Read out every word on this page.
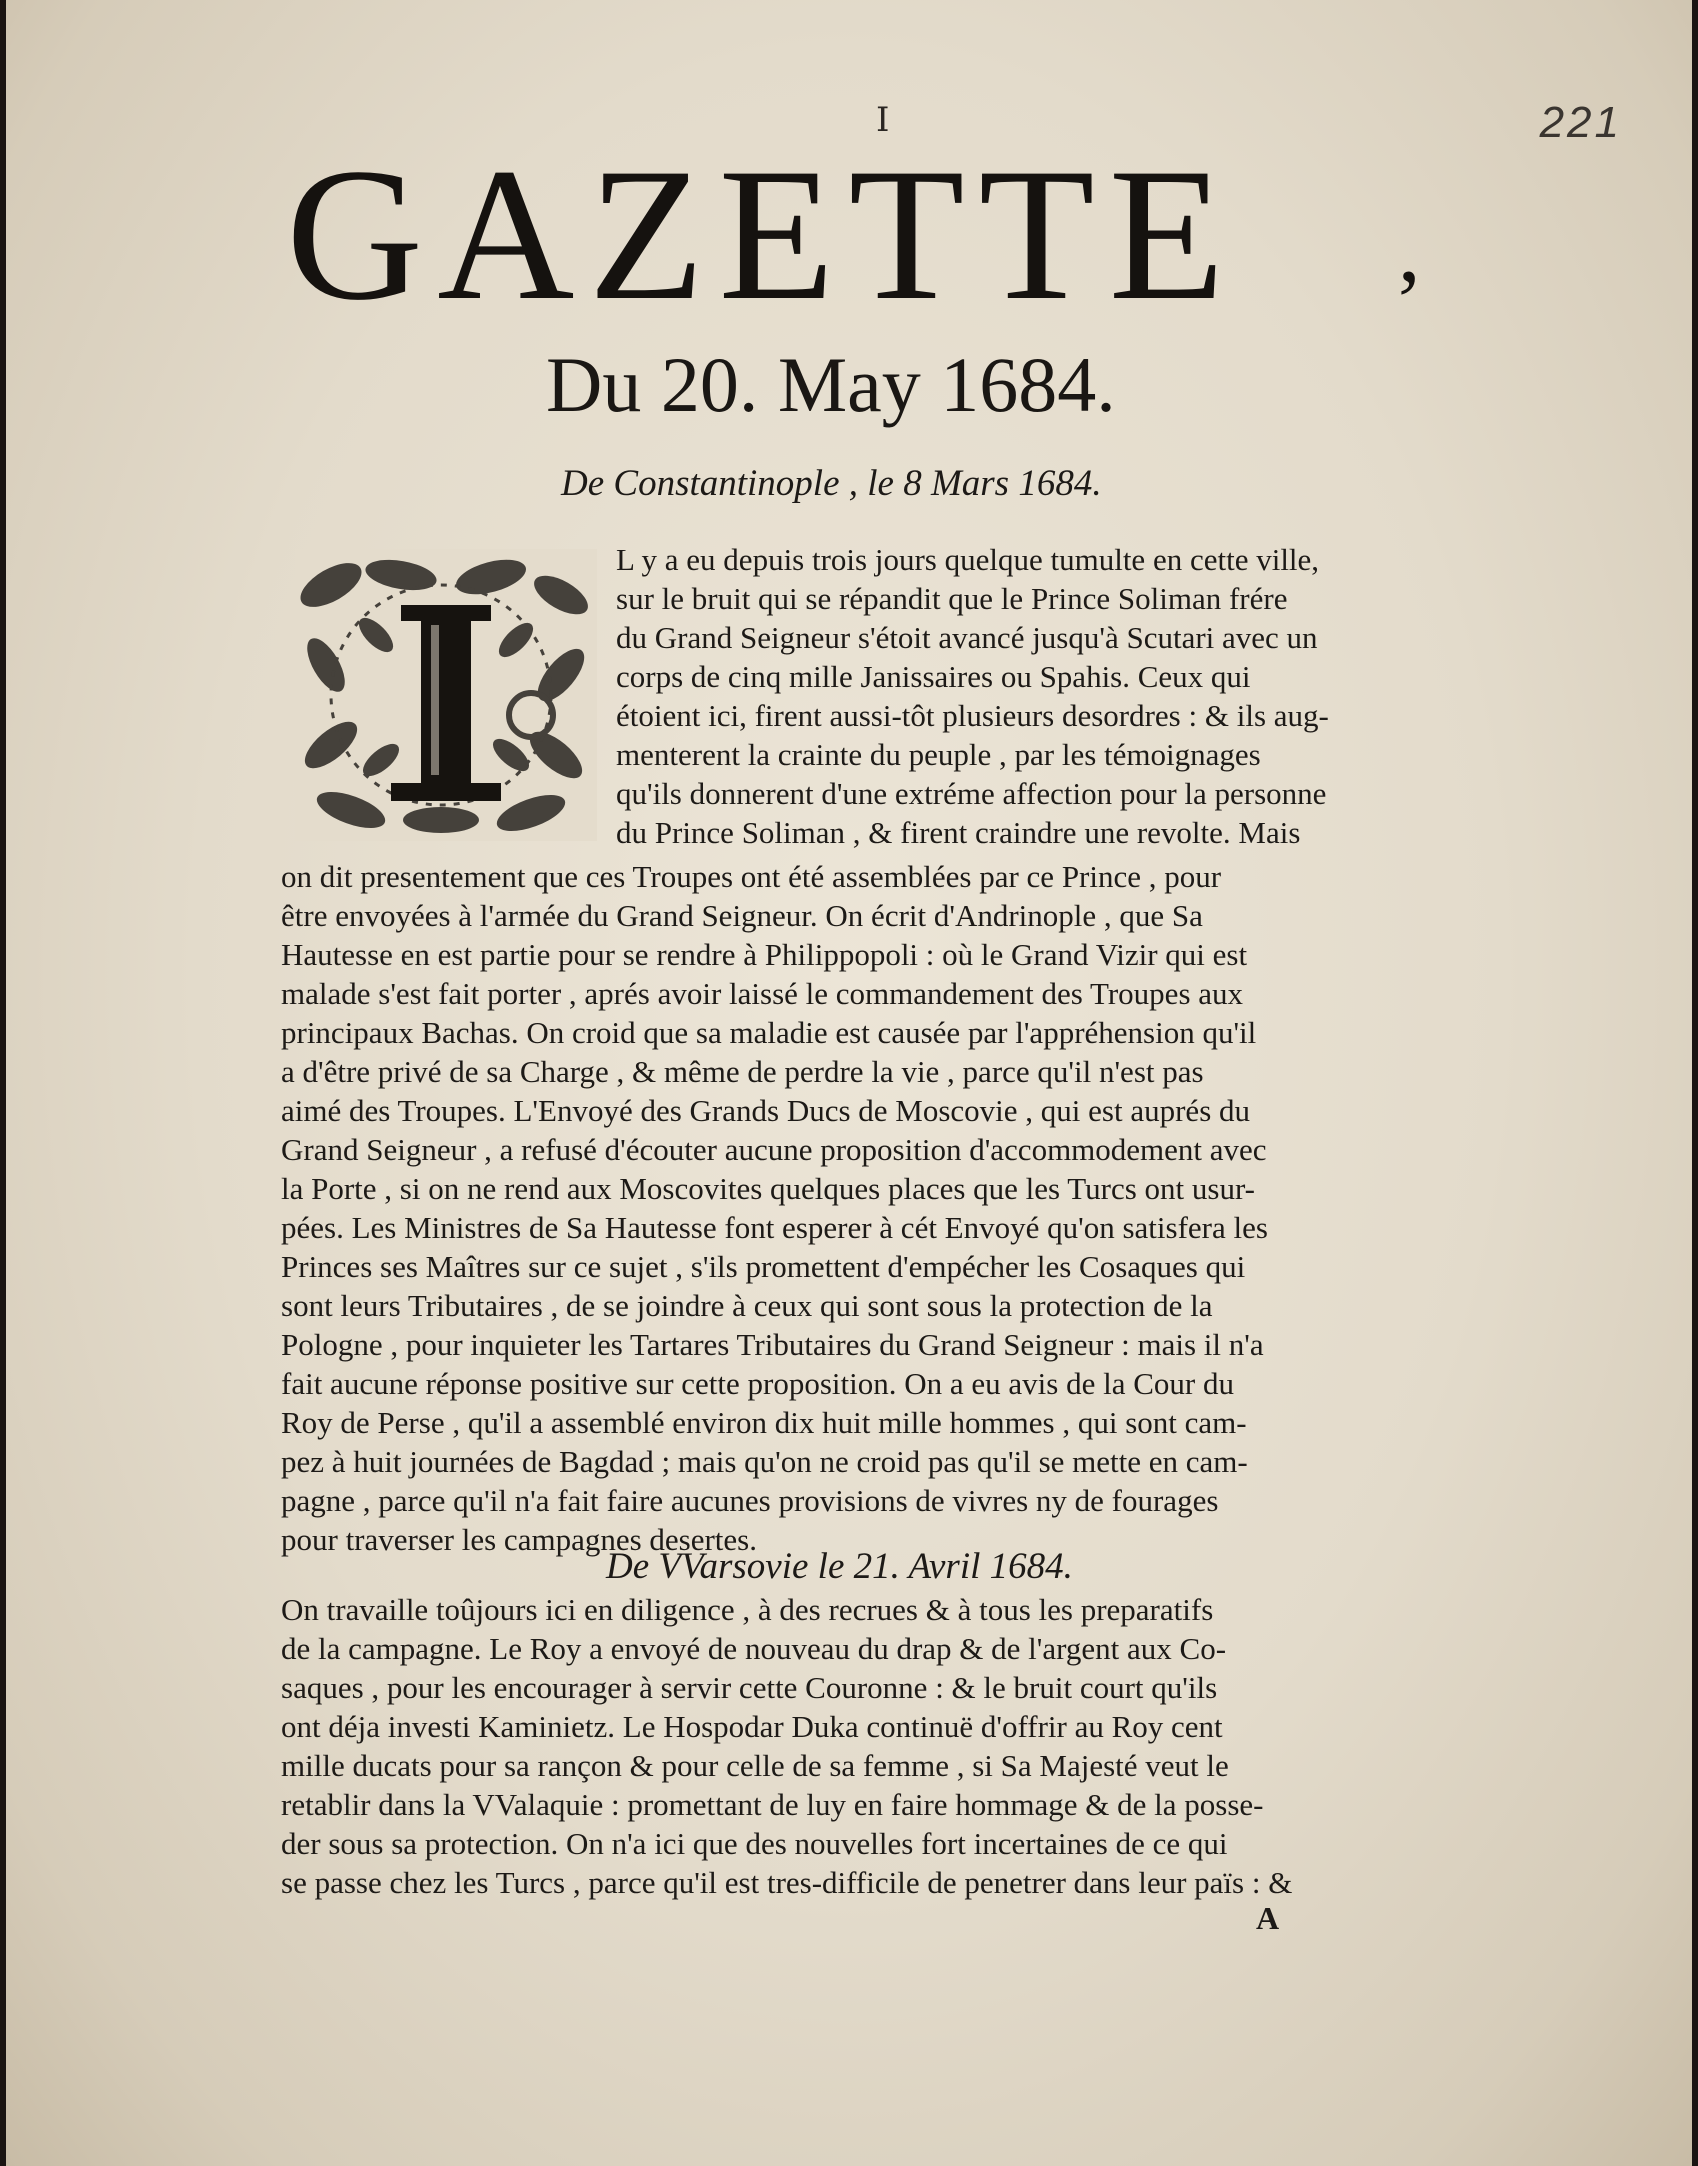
221
I
GAZETTE	,
Du 20. May 1684.
De Constantinople , le 8 Mars 1684.

L y a eu depuis trois jours quelque tumulte en cette ville,

sur le bruit qui se répandit que le Prince Soliman frére

du Grand Seigneur s'étoit avancé jusqu'à Scutari avec un

corps de cinq mille Janissaires ou Spahis. Ceux qui

étoient ici, firent aussi-tôt plusieurs desordres : & ils aug-

menterent la crainte du peuple , par les témoignages

qu'ils donnerent d'une extréme affection pour la personne

du Prince Soliman , & firent craindre une revolte. Mais

on dit presentement que ces Troupes ont été assemblées par ce Prince , pour

être envoyées à l'armée du Grand Seigneur. On écrit d'Andrinople , que Sa

Hautesse en est partie pour se rendre à Philippopoli : où le Grand Vizir qui est

malade s'est fait porter , aprés avoir laissé le commandement des Troupes aux

principaux Bachas. On croid que sa maladie est causée par l'appréhension qu'il

a d'être privé de sa Charge , & même de perdre la vie , parce qu'il n'est pas

aimé des Troupes. L'Envoyé des Grands Ducs de Moscovie , qui est auprés du

Grand Seigneur , a refusé d'écouter aucune proposition d'accommodement avec

la Porte , si on ne rend aux Moscovites quelques places que les Turcs ont usur-

pées. Les Ministres de Sa Hautesse font esperer à cét Envoyé qu'on satisfera les

Princes ses Maîtres sur ce sujet , s'ils promettent d'empécher les Cosaques qui

sont leurs Tributaires , de se joindre à ceux qui sont sous la protection de la

Pologne , pour inquieter les Tartares Tributaires du Grand Seigneur : mais il n'a

fait aucune réponse positive sur cette proposition. On a eu avis de la Cour du

Roy de Perse , qu'il a assemblé environ dix huit mille hommes , qui sont cam-

pez à huit journées de Bagdad ; mais qu'on ne croid pas qu'il se mette en cam-

pagne , parce qu'il n'a fait faire aucunes provisions de vivres ny de fourages

pour traverser les campagnes desertes.

De VVarsovie le 21. Avril 1684.

On travaille toûjours ici en diligence , à des recrues & à tous les preparatifs

de la campagne. Le Roy a envoyé de nouveau du drap & de l'argent aux Co-

saques , pour les encourager à servir cette Couronne : & le bruit court qu'ils

ont déja investi Kaminietz. Le Hospodar Duka continuë d'offrir au Roy cent

mille ducats pour sa rançon & pour celle de sa femme , si Sa Majesté veut le

retablir dans la VValaquie : promettant de luy en faire hommage & de la posse-

der sous sa protection. On n'a ici que des nouvelles fort incertaines de ce qui

se passe chez les Turcs , parce qu'il est tres-difficile de penetrer dans leur païs : &

A
